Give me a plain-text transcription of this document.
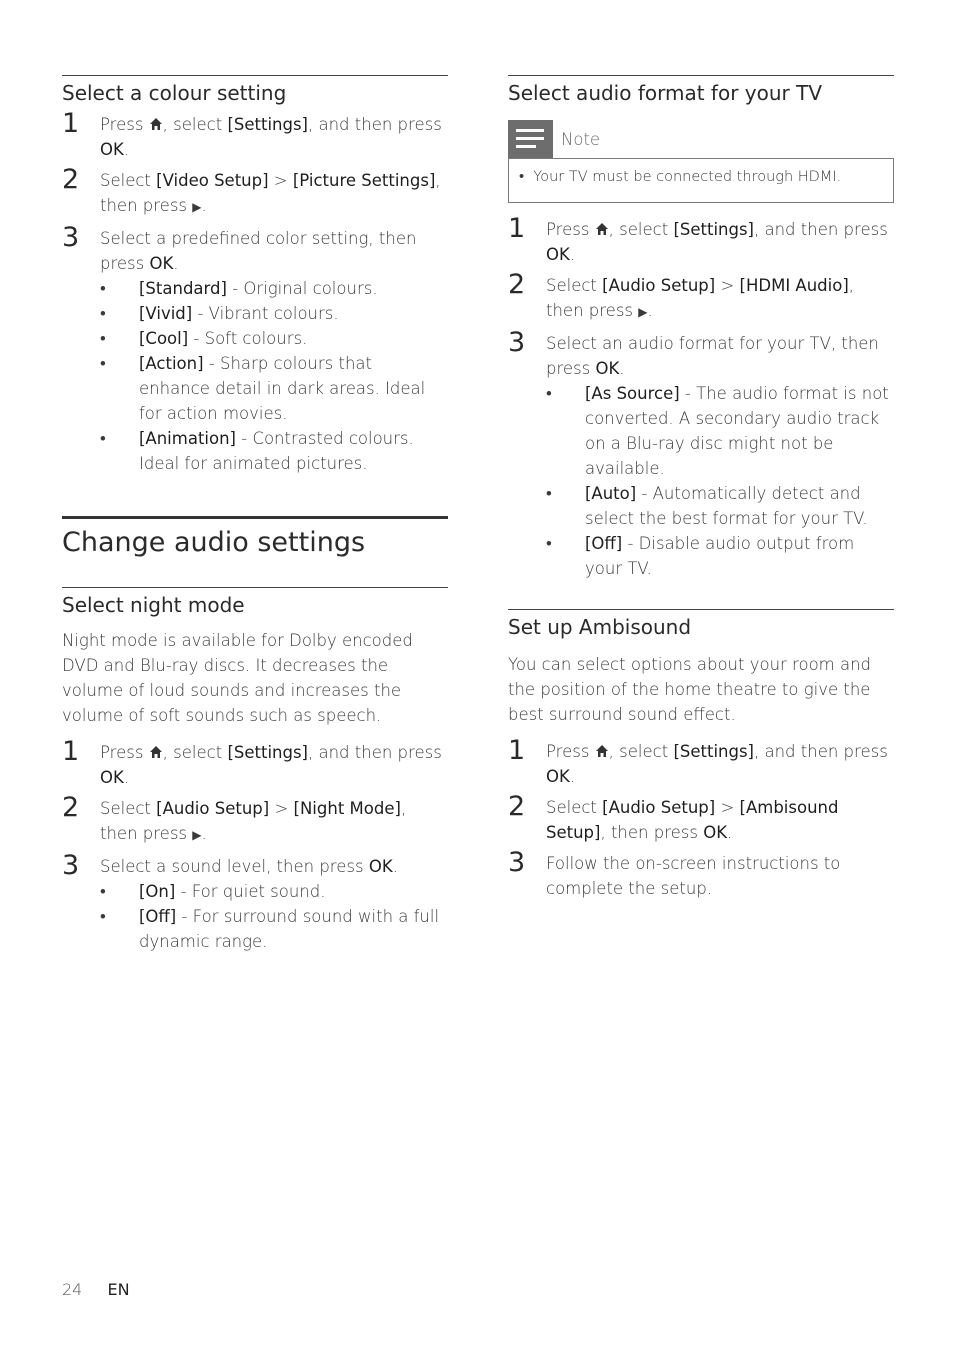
Select a colour setting
1 Press , select [Settings], and then press
OK.
2 Select [Video Setup] > [Picture Settings],
then press ▶.
3 Select a predefined color setting, then press OK.
• [Standard] - Original colours.
• [Vivid] - Vibrant colours.
• [Cool] - Soft colours.
• [Action] - Sharp colours that enhance detail in dark areas. Ideal for action movies.
• [Animation] - Contrasted colours. Ideal for animated pictures.
Change audio settings
Select night mode
Night mode is available for Dolby encoded DVD and Blu-ray discs. It decreases the volume of loud sounds and increases the volume of soft sounds such as speech.
1 Press , select [Settings], and then press
OK.
2 Select [Audio Setup] > [Night Mode],
then press ▶.
3 Select a sound level, then press OK.
• [On] - For quiet sound.
• [Off] - For surround sound with a full dynamic range.
Select audio format for your TV
Note
• Your TV must be connected through HDMI.
1 Press , select [Settings], and then press
OK.
2 Select [Audio Setup] > [HDMI Audio],
then press ▶.
3 Select an audio format for your TV, then press OK.
• [As Source] - The audio format is not converted. A secondary audio track on a Blu-ray disc might not be available.
• [Auto] - Automatically detect and select the best format for your TV.
• [Off] - Disable audio output from your TV.
Set up Ambisound
You can select options about your room and the position of the home theatre to give the best surround sound effect.
1 Press , select [Settings], and then press
OK.
2 Select [Audio Setup] > [Ambisound Setup], then press OK.
3 Follow the on-screen instructions to complete the setup.
24 EN
